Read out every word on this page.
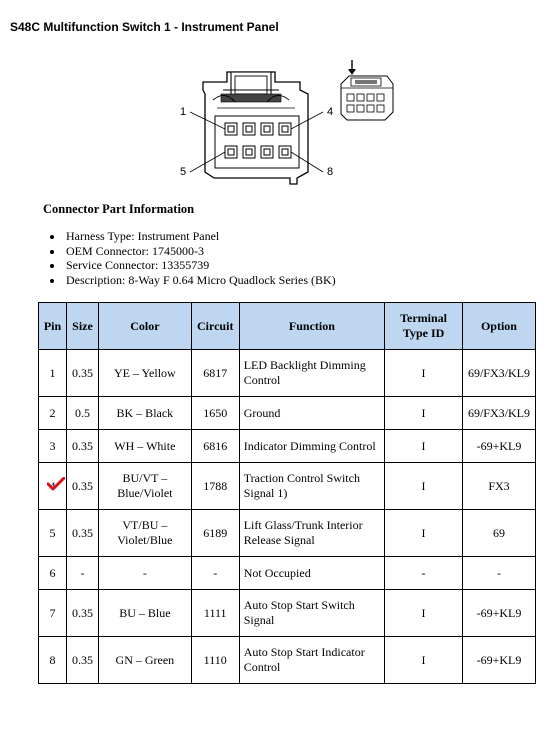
S48C Multifunction Switch 1 - Instrument Panel
1	4
5	8
Connector Part Information
• Harness Type: Instrument Panel
• OEM Connector: 1745000-3
• Service Connector: 13355739
• Description: 8-Way F 0.64 Micro Quadlock Series (BK)
Pin	Size	Color	Circuit	Function	Terminal Type ID	Option
1	0.35	YE – Yellow	6817	LED Backlight Dimming Control	I	69/FX3/KL9
2	0.5	BK – Black	1650	Ground	I	69/FX3/KL9
3	0.35	WH – White	6816	Indicator Dimming Control	I	-69+KL9
4	0.35	BU/VT – Blue/Violet	1788	Traction Control Switch Signal 1)	I	FX3
5	0.35	VT/BU – Violet/Blue	6189	Lift Glass/Trunk Interior Release Signal	I	69
6	-	-	-	Not Occupied	-	-
7	0.35	BU – Blue	1111	Auto Stop Start Switch Signal	I	-69+KL9
8	0.35	GN – Green	1110	Auto Stop Start Indicator Control	I	-69+KL9
